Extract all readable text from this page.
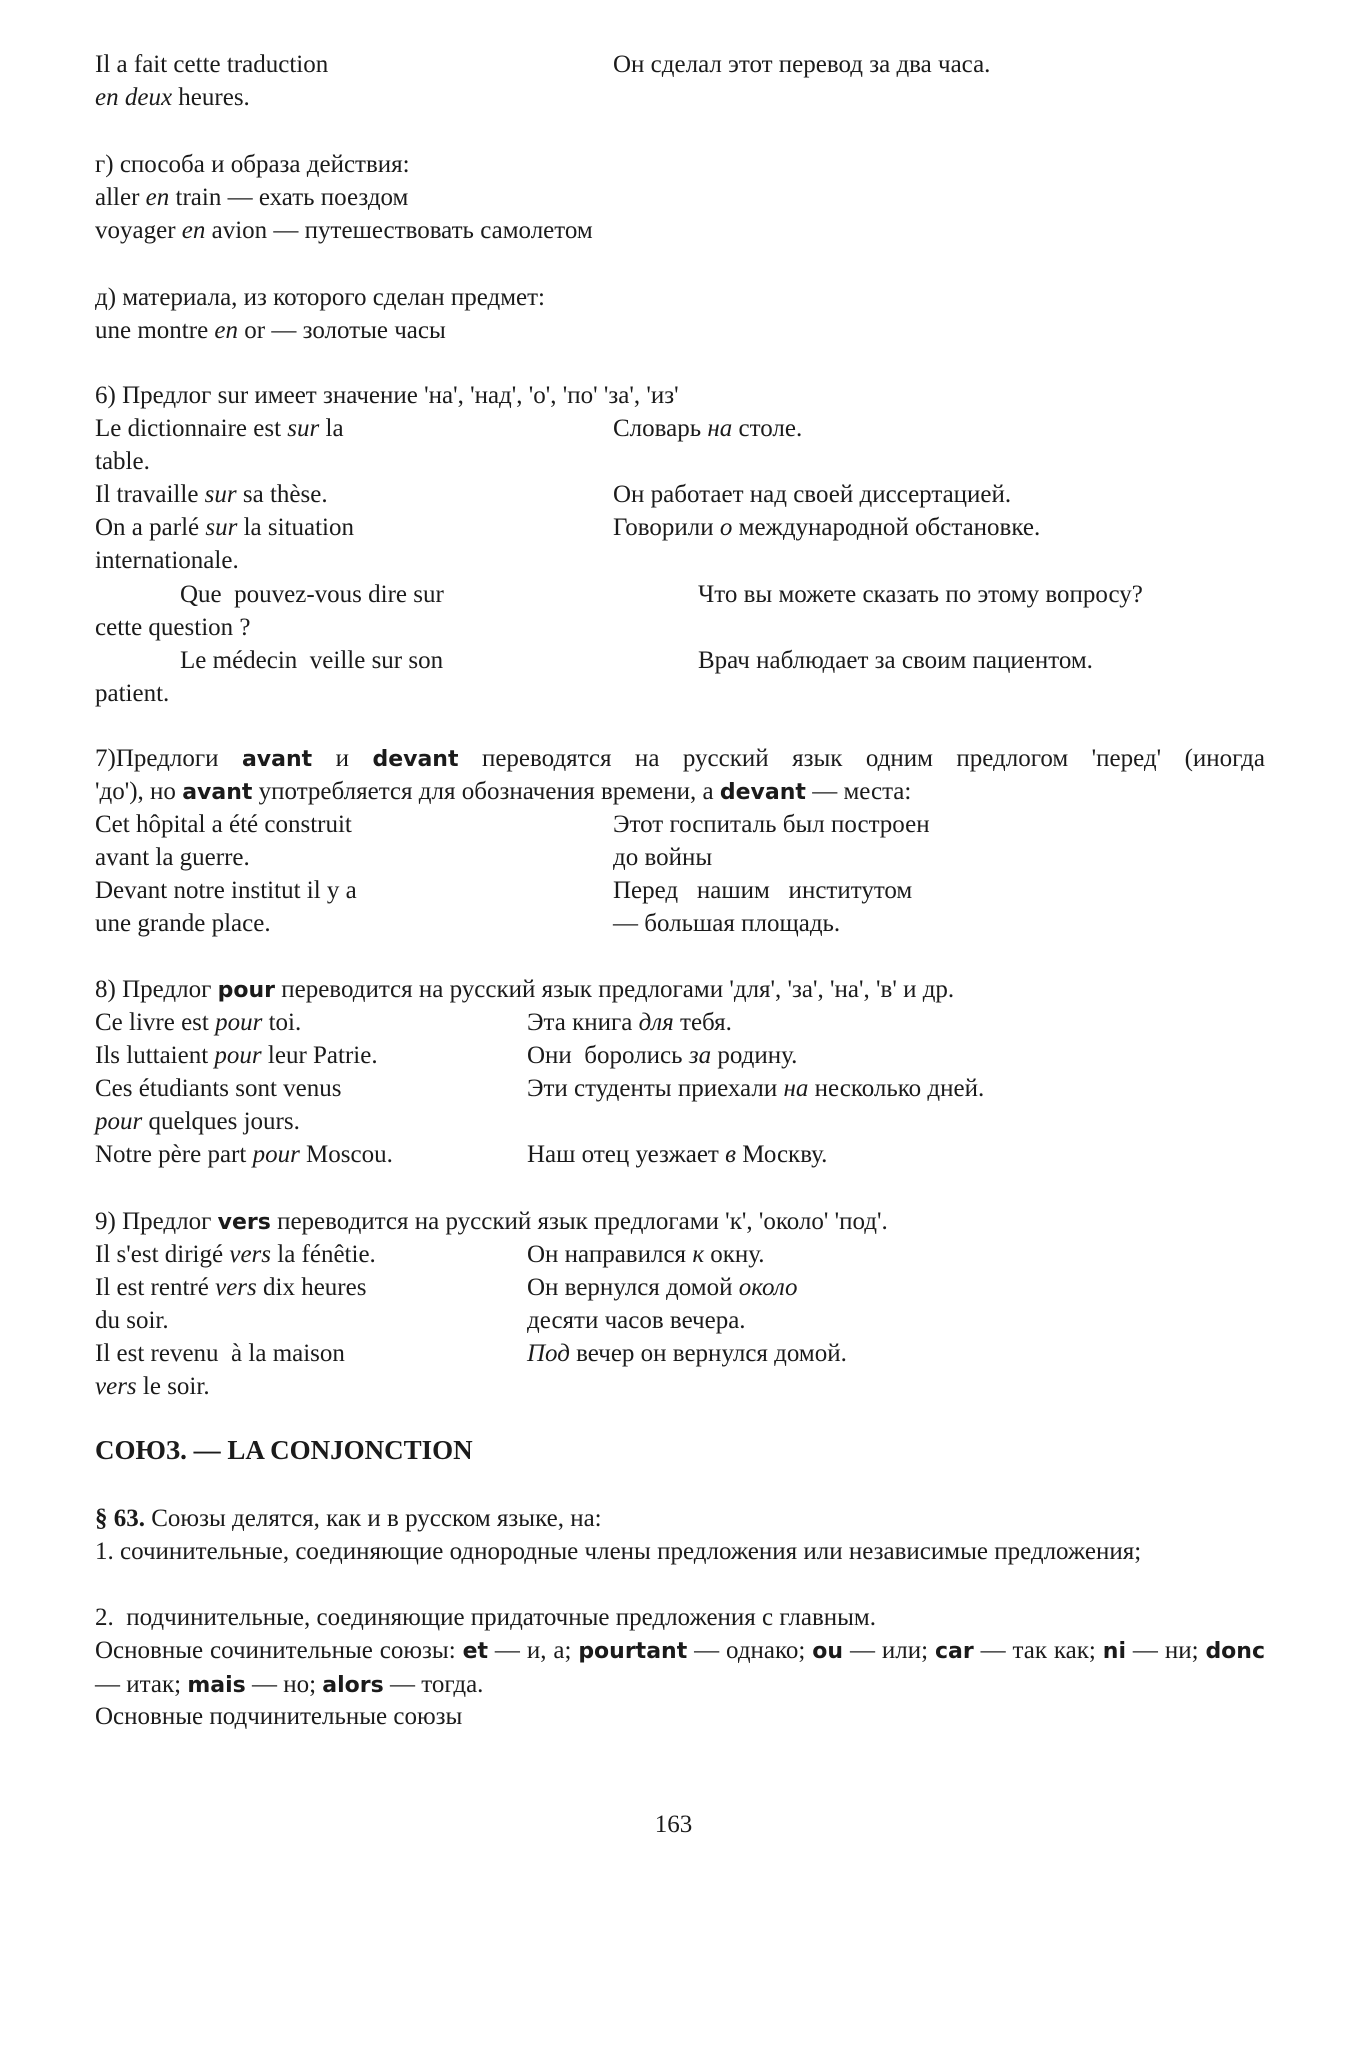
Il a fait cette traduction	Он сделал этот перевод за два часа.
en deux heures.
г) способа и образа действия:
aller en train — ехать поездом
voyager en avion — путешествовать самолетом
д) материала, из которого сделан предмет:
une montre en or — золотые часы
6) Предлог sur имеет значение 'на', 'над', 'о', 'по' 'за', 'из'
Le dictionnaire est sur la	Словарь на столе.
table.
Il travaille sur sa thèse.	Он работает над своей диссертацией.
On a parlé sur la situation	Говорили о международной обстановке.
internationale.
Que  pouvez-vous dire sur	Что вы можете сказать по этому вопросу?
cette question ?
Le médecin  veille sur son	Врач наблюдает за своим пациентом.
patient.
7)Предлоги avant и devant переводятся на русский язык одним предлогом 'перед' (иногда
'до'), но avant употребляется для обозначения времени, а devant — места:
Cet hôpital a été construit	Этот госпиталь был построен
avant la guerre.	до войны
Devant notre institut il y a	Перед   нашим   институтом
une grande place.	— большая площадь.
8) Предлог pour переводится на русский язык предлогами 'для', 'за', 'на', 'в' и др.
Ce livre est pour toi.	Эта книга для тебя.
Ils luttaient pour leur Patrie.	Они  боролись за родину.
Ces étudiants sont venus	Эти студенты приехали на несколько дней.
pour quelques jours.
Notre père part pour Moscou.	Наш отец уезжает в Москву.
9) Предлог vers переводится на русский язык предлогами 'к', 'около' 'под'.
Il s'est dirigé vers la fénêtie.	Он направился к окну.
Il est rentré vers dix heures	Он вернулся домой около
du soir.	десяти часов вечера.
Il est revenu  à la maison	Под вечер он вернулся домой.
vers le soir.
СОЮЗ. — LA CONJONCTION
§ 63. Союзы делятся, как и в русском языке, на:
1. сочинительные, соединяющие однородные члены предложения или независимые предложения;
2.  подчинительные, соединяющие придаточные предложения с главным.
Основные сочинительные союзы: et — и, а; pourtant — однако; ou — или; car — так как; ni — ни; donc — итак; mais — но; alors — тогда.
Основные подчинительные союзы
163
